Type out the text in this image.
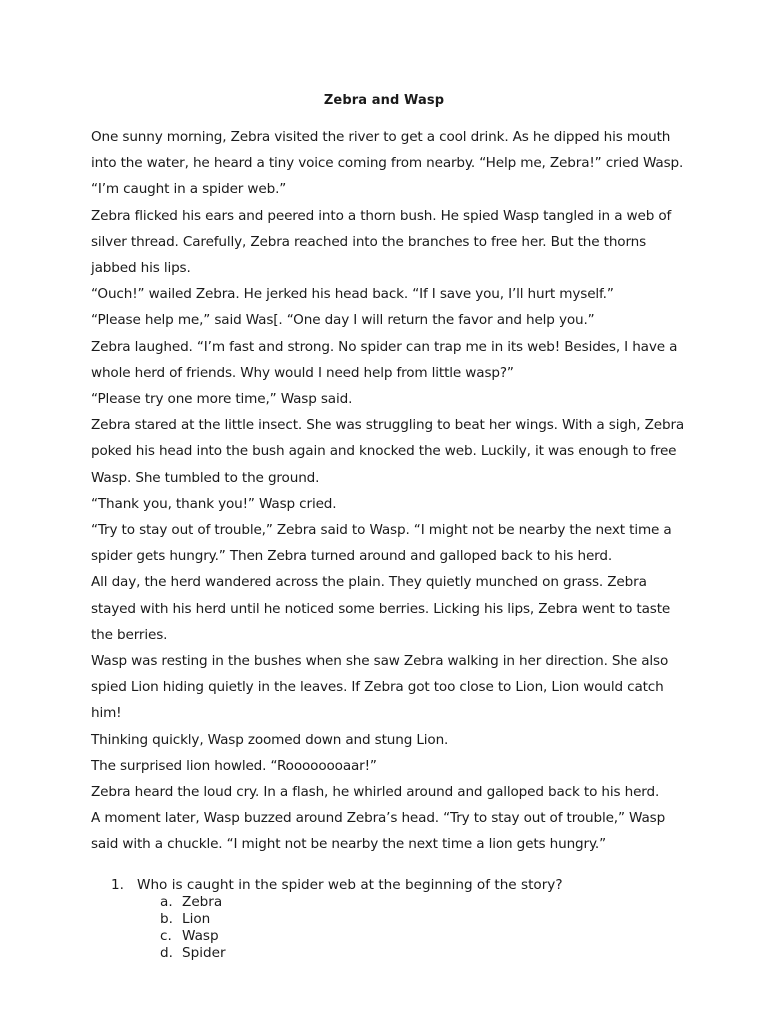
Zebra and Wasp

One sunny morning, Zebra visited the river to get a cool drink. As he dipped his mouth into the water, he heard a tiny voice coming from nearby. “Help me, Zebra!” cried Wasp. “I’m caught in a spider web.”

Zebra flicked his ears and peered into a thorn bush. He spied Wasp tangled in a web of silver thread. Carefully, Zebra reached into the branches to free her. But the thorns jabbed his lips.

“Ouch!” wailed Zebra. He jerked his head back. “If I save you, I’ll hurt myself.”

“Please help me,” said Was[. “One day I will return the favor and help you.”

Zebra laughed. “I’m fast and strong. No spider can trap me in its web! Besides, I have a whole herd of friends. Why would I need help from little wasp?”

“Please try one more time,” Wasp said.

Zebra stared at the little insect. She was struggling to beat her wings. With a sigh, Zebra poked his head into the bush again and knocked the web. Luckily, it was enough to free Wasp. She tumbled to the ground.

“Thank you, thank you!” Wasp cried.

“Try to stay out of trouble,” Zebra said to Wasp. “I might not be nearby the next time a spider gets hungry.” Then Zebra turned around and galloped back to his herd.

All day, the herd wandered across the plain. They quietly munched on grass. Zebra stayed with his herd until he noticed some berries. Licking his lips, Zebra went to taste the berries.

Wasp was resting in the bushes when she saw Zebra walking in her direction. She also spied Lion hiding quietly in the leaves. If Zebra got too close to Lion, Lion would catch him!

Thinking quickly, Wasp zoomed down and stung Lion.

The surprised lion howled. “Roooooooaar!”

Zebra heard the loud cry. In a flash, he whirled around and galloped back to his herd.

A moment later, Wasp buzzed around Zebra’s head. “Try to stay out of trouble,” Wasp said with a chuckle. “I might not be nearby the next time a lion gets hungry.”

1. Who is caught in the spider web at the beginning of the story?
a. Zebra
b. Lion
c. Wasp
d. Spider
